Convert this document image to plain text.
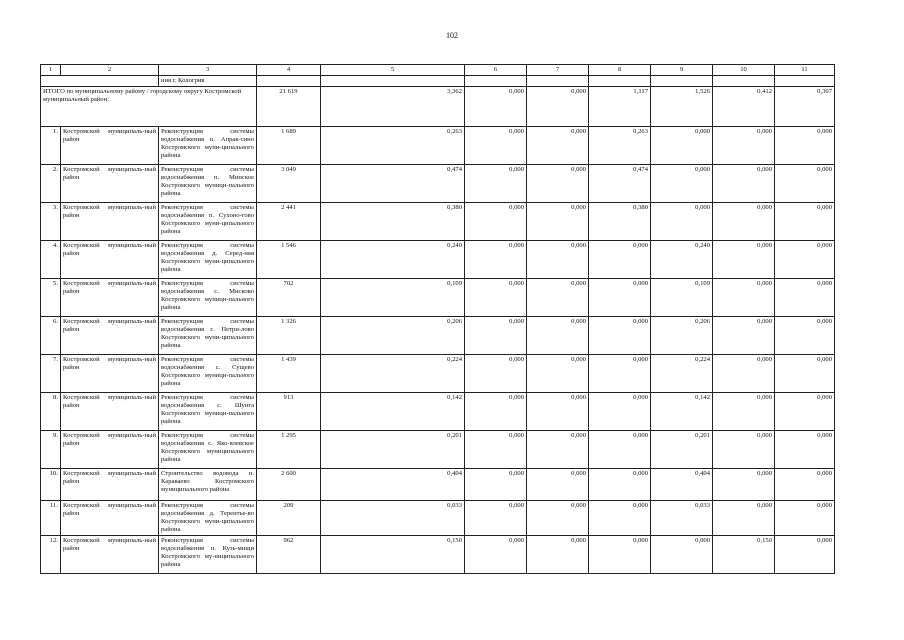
102
1	2	3	4	5	6	7	8	9	10	11
		ния г. Кологрив								
ИТОГО по муниципальному району / городскому округу Костромской муниципальный район:			21 619	3,362	0,000	0,000	1,117	1,526	0,412	0,307
1.	Костромской муниципаль-ный район	Реконструкция системы водоснабжения п. Апрак-сино Костромского муни-ципального района	1 689	0,263	0,000	0,000	0,263	0,000	0,000	0,000
2.	Костромской муниципаль-ный район	Реконструкция системы водоснабжения п. Минское Костромского муници-пального района	3 049	0,474	0,000	0,000	0,474	0,000	0,000	0,000
3.	Костромской муниципаль-ный район	Реконструкция системы водоснабжения п. Сухоно-гово Костромского муни-ципального района	2 441	0,380	0,000	0,000	0,380	0,000	0,000	0,000
4.	Костромской муниципаль-ный район	Реконструкция системы водоснабжения д. Серед-няя Костромского муни-ципального района	1 546	0,240	0,000	0,000	0,000	0,240	0,000	0,000
5.	Костромской муниципаль-ный район	Реконструкция системы водоснабжения с. Мисково Костромского муници-пального района	702	0,109	0,000	0,000	0,000	0,109	0,000	0,000
6.	Костромской муниципаль-ный район	Реконструкция системы водоснабжения с. Петри-лово Костромского муни-ципального района	1 326	0,206	0,000	0,000	0,000	0,206	0,000	0,000
7.	Костромской муниципаль-ный район	Реконструкция системы водоснабжения с. Сущево Костромского муници-пального района	1 439	0,224	0,000	0,000	0,000	0,224	0,000	0,000
8.	Костромской муниципаль-ный район	Реконструкция системы водоснабжения с. Шунга Костромского муници-пального района	913	0,142	0,000	0,000	0,000	0,142	0,000	0,000
9.	Костромской муниципаль-ный район	Реконструкция системы водоснабжения с. Яко-влевское Костромского муниципального района	1 295	0,201	0,000	0,000	0,000	0,201	0,000	0,000
10.	Костромской муниципаль-ный район	Строительство водовода п. Караваево Костромского муниципального района	2 600	0,404	0,000	0,000	0,000	0,404	0,000	0,000
11.	Костромской муниципаль-ный район	Реконструкция системы водоснабжения д. Терентье-во Костромского муни-ципального района	209	0,033	0,000	0,000	0,000	0,033	0,000	0,000
12.	Костромской муниципаль-ный район	Реконструкция системы водоснабжения п. Кузь-мищи Костромского му-ниципального района	962	0,150	0,000	0,000	0,000	0,000	0,150	0,000
